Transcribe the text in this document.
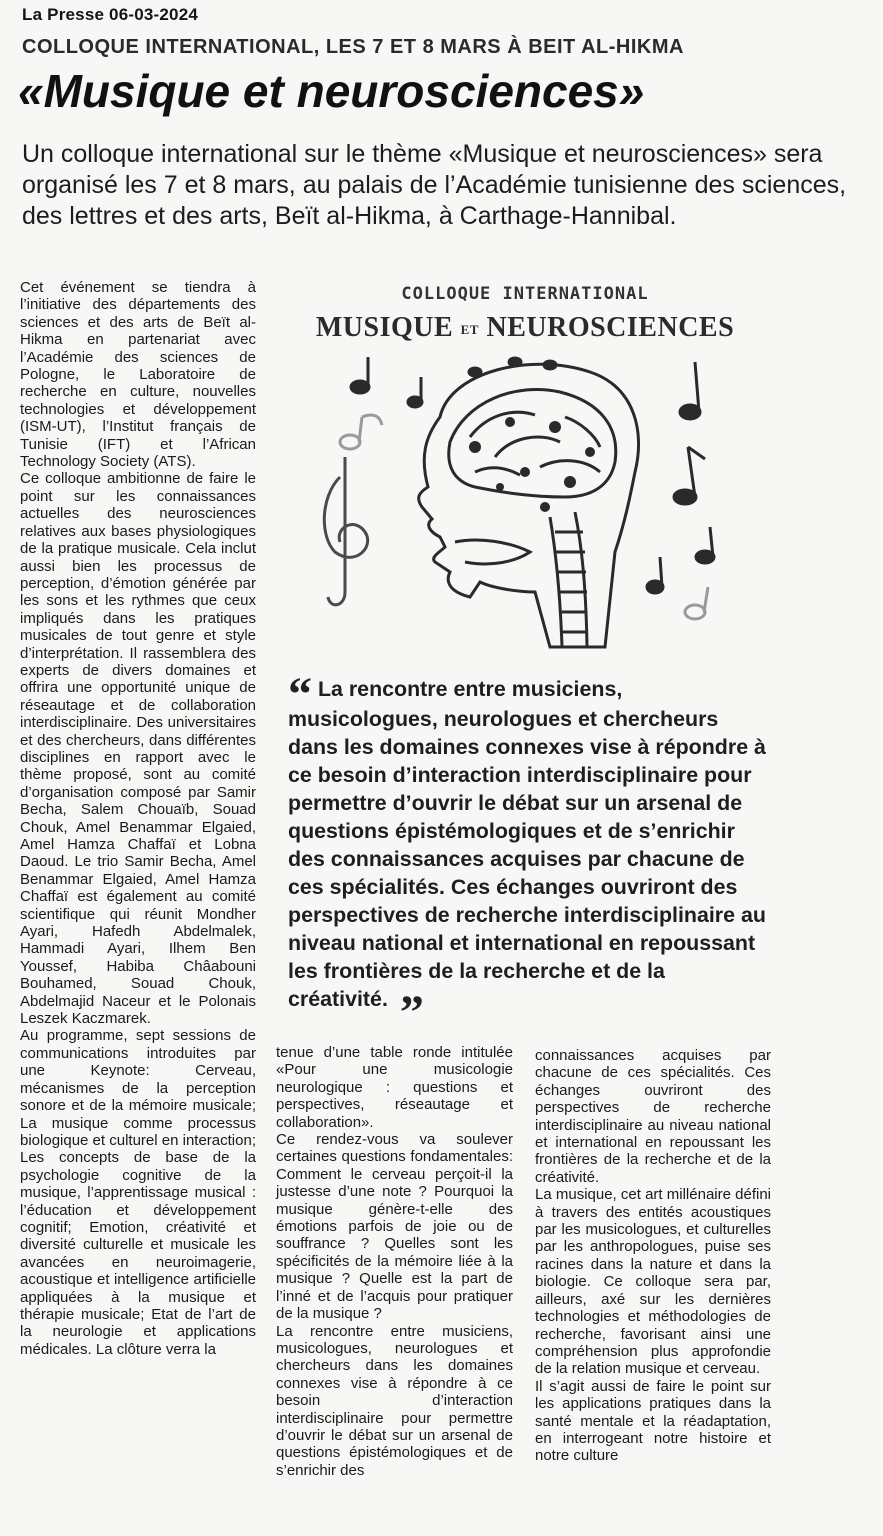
La Presse 06-03-2024
COLLOQUE INTERNATIONAL, LES 7 ET 8 MARS À BEIT AL-HIKMA
«Musique et neurosciences»
Un colloque international sur le thème «Musique et neurosciences» sera organisé les 7 et 8 mars, au palais de l’Académie tunisienne des sciences, des lettres et des arts, Beït al-Hikma, à Carthage-Hannibal.

Cet événement se tiendra à l’initiative des départements des sciences et des arts de Beït al-Hikma en partenariat avec l’Académie des sciences de Pologne, le Laboratoire de recherche en culture, nouvelles technologies et développement (ISM-UT), l’Institut français de Tunisie (IFT) et l’African Technology Society (ATS).

Ce colloque ambitionne de faire le point sur les connaissances actuelles des neurosciences relatives aux bases physiologiques de la pratique musicale. Cela inclut aussi bien les processus de perception, d’émotion générée par les sons et les rythmes que ceux impliqués dans les pratiques musicales de tout genre et style d’interprétation. Il rassemblera des experts de divers domaines et offrira une opportunité unique de réseautage et de collaboration interdisciplinaire. Des universitaires et des chercheurs, dans différentes disciplines en rapport avec le thème proposé, sont au comité d’organisation composé par Samir Becha, Salem Chouaïb, Souad Chouk, Amel Benammar Elgaied, Amel Hamza Chaffaï et Lobna Daoud. Le trio Samir Becha, Amel Benammar Elgaied, Amel Hamza Chaffaï est également au comité scientifique qui réunit Mondher Ayari, Hafedh Abdelmalek, Hammadi Ayari, Ilhem Ben Youssef, Habiba Châabouni Bouhamed, Souad Chouk, Abdelmajid Naceur et le Polonais Leszek Kaczmarek.

Au programme, sept sessions de communications introduites par une Keynote: Cerveau, mécanismes de la perception sonore et de la mémoire musicale; La musique comme processus biologique et culturel en interaction; Les concepts de base de la psychologie cognitive de la musique, l’apprentissage musical : l’éducation et développement cognitif; Emotion, créativité et diversité culturelle et musicale les avancées en neuroimagerie, acoustique et intelligence artificielle appliquées à la musique et thérapie musicale; Etat de l’art de la neurologie et applications médicales. La clôture verra la

COLLOQUE INTERNATIONAL
MUSIQUE ET NEUROSCIENCES
“ La rencontre entre musiciens, musicologues, neurologues et chercheurs dans les domaines connexes vise à répondre à ce besoin d’interaction interdisciplinaire pour permettre d’ouvrir le débat sur un arsenal de questions épistémologiques et de s’enrichir des connaissances acquises par chacune de ces spécialités. Ces échanges ouvriront des perspectives de recherche interdisciplinaire au niveau national et international en repoussant les frontières de la recherche et de la créativité. ”

tenue d’une table ronde intitulée «Pour une musicologie neurologique : questions et perspectives, réseautage et collaboration».

Ce rendez-vous va soulever certaines questions fondamentales: Comment le cerveau perçoit-il la justesse d’une note ? Pourquoi la musique génère-t-elle des émotions parfois de joie ou de souffrance ? Quelles sont les spécificités de la mémoire liée à la musique ? Quelle est la part de l’inné et de l’acquis pour pratiquer de la musique ?

La rencontre entre musiciens, musicologues, neurologues et chercheurs dans les domaines connexes vise à répondre à ce besoin d’interaction interdisciplinaire pour permettre d’ouvrir le débat sur un arsenal de questions épistémologiques et de s’enrichir des

connaissances acquises par chacune de ces spécialités. Ces échanges ouvriront des perspectives de recherche interdisciplinaire au niveau national et international en repoussant les frontières de la recherche et de la créativité.

La musique, cet art millénaire défini à travers des entités acoustiques par les musicologues, et culturelles par les anthropologues, puise ses racines dans la nature et dans la biologie. Ce colloque sera par, ailleurs, axé sur les dernières technologies et méthodologies de recherche, favorisant ainsi une compréhension plus approfondie de la relation musique et cerveau.

Il s’agit aussi de faire le point sur les applications pratiques dans la santé mentale et la réadaptation, en interrogeant notre histoire et notre culture
